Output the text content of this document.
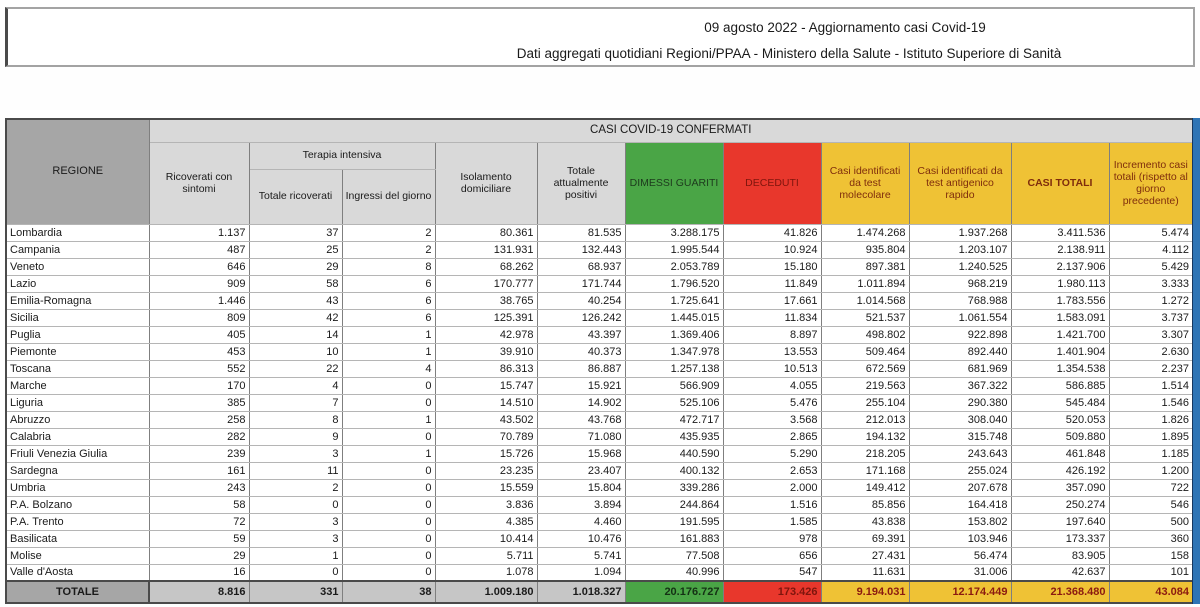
09 agosto 2022 - Aggiornamento casi Covid-19
Dati aggregati quotidiani Regioni/PPAA - Ministero della Salute - Istituto Superiore di Sanità
REGIONE	CASI COVID-19 CONFERMATI										
	Ricoverati con sintomi	Terapia intensiva		Isolamento domiciliare	Totale attualmente positivi	DIMESSI GUARITI	DECEDUTI	Casi identificati da test molecolare	Casi identificati da test antigenico rapido	CASI TOTALI	Incremento casi totali (rispetto al giorno precedente)
		Totale ricoverati	Ingressi del giorno								
Lombardia	1.137	37	2	80.361	81.535	3.288.175	41.826	1.474.268	1.937.268	3.411.536	5.474
Campania	487	25	2	131.931	132.443	1.995.544	10.924	935.804	1.203.107	2.138.911	4.112
Veneto	646	29	8	68.262	68.937	2.053.789	15.180	897.381	1.240.525	2.137.906	5.429
Lazio	909	58	6	170.777	171.744	1.796.520	11.849	1.011.894	968.219	1.980.113	3.333
Emilia-Romagna	1.446	43	6	38.765	40.254	1.725.641	17.661	1.014.568	768.988	1.783.556	1.272
Sicilia	809	42	6	125.391	126.242	1.445.015	11.834	521.537	1.061.554	1.583.091	3.737
Puglia	405	14	1	42.978	43.397	1.369.406	8.897	498.802	922.898	1.421.700	3.307
Piemonte	453	10	1	39.910	40.373	1.347.978	13.553	509.464	892.440	1.401.904	2.630
Toscana	552	22	4	86.313	86.887	1.257.138	10.513	672.569	681.969	1.354.538	2.237
Marche	170	4	0	15.747	15.921	566.909	4.055	219.563	367.322	586.885	1.514
Liguria	385	7	0	14.510	14.902	525.106	5.476	255.104	290.380	545.484	1.546
Abruzzo	258	8	1	43.502	43.768	472.717	3.568	212.013	308.040	520.053	1.826
Calabria	282	9	0	70.789	71.080	435.935	2.865	194.132	315.748	509.880	1.895
Friuli Venezia Giulia	239	3	1	15.726	15.968	440.590	5.290	218.205	243.643	461.848	1.185
Sardegna	161	11	0	23.235	23.407	400.132	2.653	171.168	255.024	426.192	1.200
Umbria	243	2	0	15.559	15.804	339.286	2.000	149.412	207.678	357.090	722
P.A. Bolzano	58	0	0	3.836	3.894	244.864	1.516	85.856	164.418	250.274	546
P.A. Trento	72	3	0	4.385	4.460	191.595	1.585	43.838	153.802	197.640	500
Basilicata	59	3	0	10.414	10.476	161.883	978	69.391	103.946	173.337	360
Molise	29	1	0	5.711	5.741	77.508	656	27.431	56.474	83.905	158
Valle d'Aosta	16	0	0	1.078	1.094	40.996	547	11.631	31.006	42.637	101
TOTALE	8.816	331	38	1.009.180	1.018.327	20.176.727	173.426	9.194.031	12.174.449	21.368.480	43.084
